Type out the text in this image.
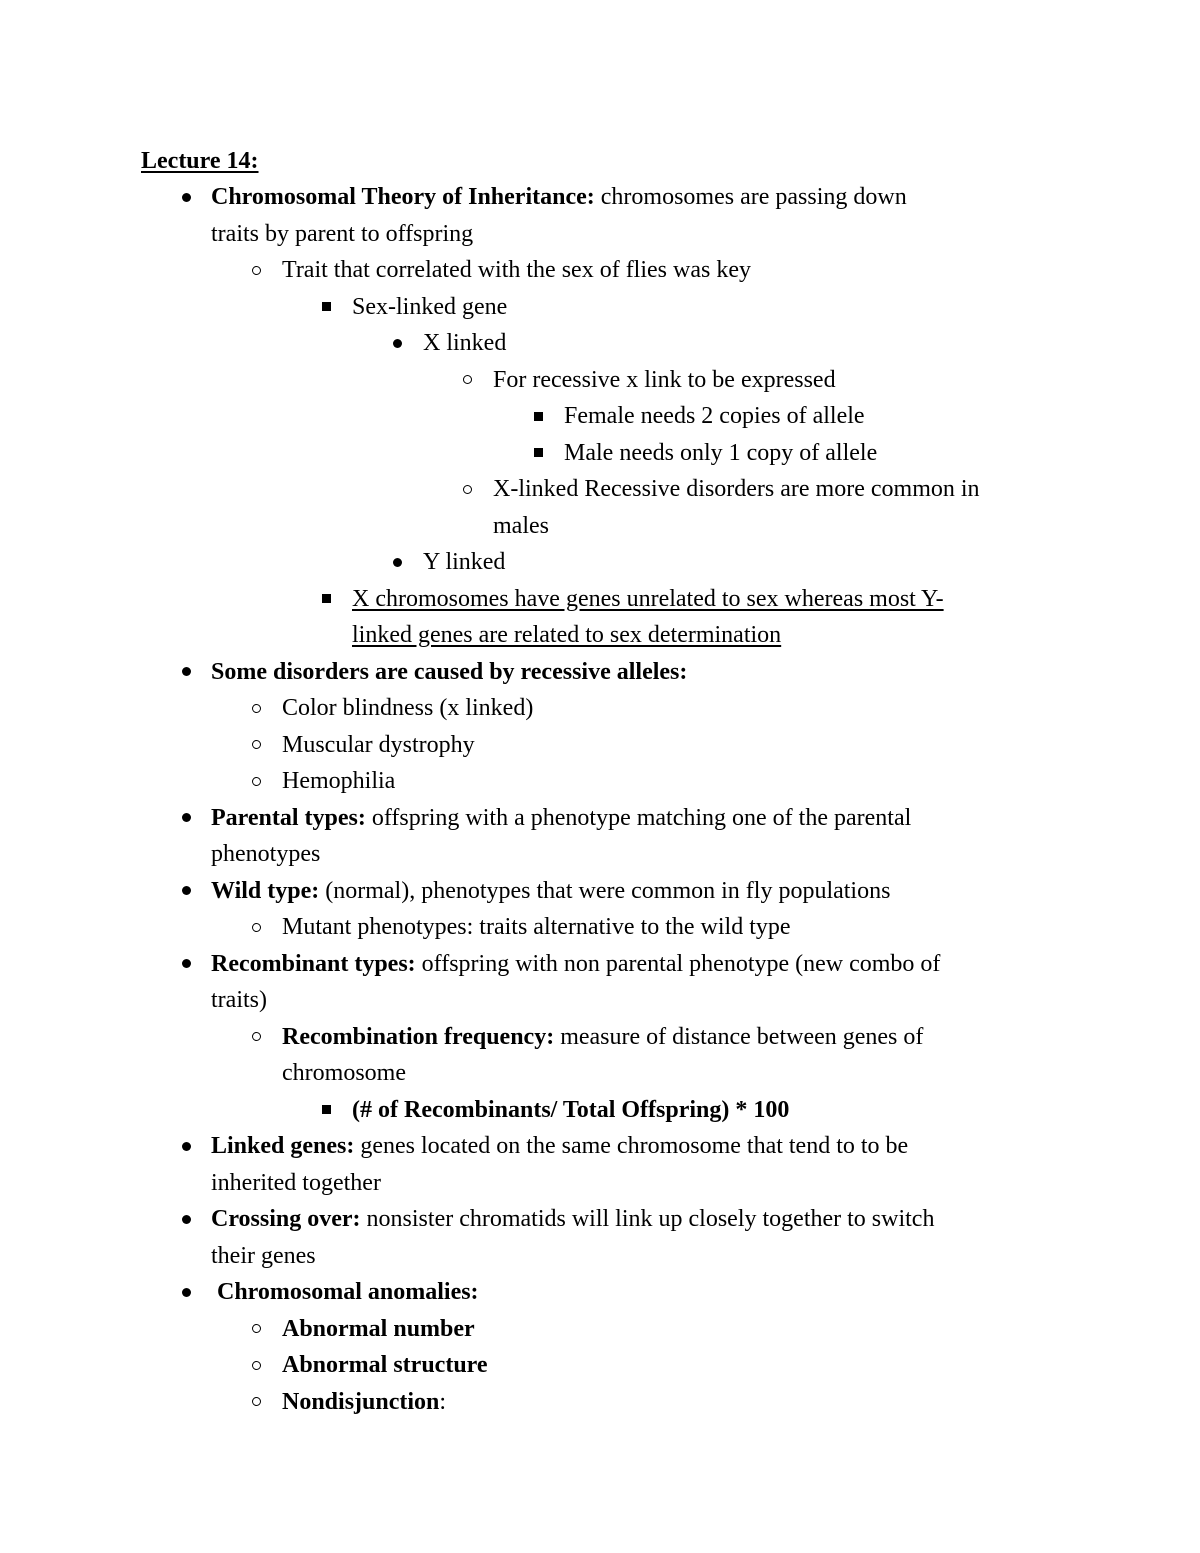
Lecture 14:
Chromosomal Theory of Inheritance: chromosomes are passing down
traits by parent to offspring
Trait that correlated with the sex of flies was key
Sex-linked gene
X linked
For recessive x link to be expressed
Female needs 2 copies of allele
Male needs only 1 copy of allele
X-linked Recessive disorders are more common in
males
Y linked
X chromosomes have genes unrelated to sex whereas most Y-
linked genes are related to sex determination
Some disorders are caused by recessive alleles:
Color blindness (x linked)
Muscular dystrophy
Hemophilia
Parental types: offspring with a phenotype matching one of the parental
phenotypes
Wild type: (normal), phenotypes that were common in fly populations
Mutant phenotypes: traits alternative to the wild type
Recombinant types: offspring with non parental phenotype (new combo of
traits)
Recombination frequency: measure of distance between genes of
chromosome
(# of Recombinants/ Total Offspring) * 100
Linked genes: genes located on the same chromosome that tend to to be
inherited together
Crossing over: nonsister chromatids will link up closely together to switch
their genes
Chromosomal anomalies:
Abnormal number
Abnormal structure
Nondisjunction:
